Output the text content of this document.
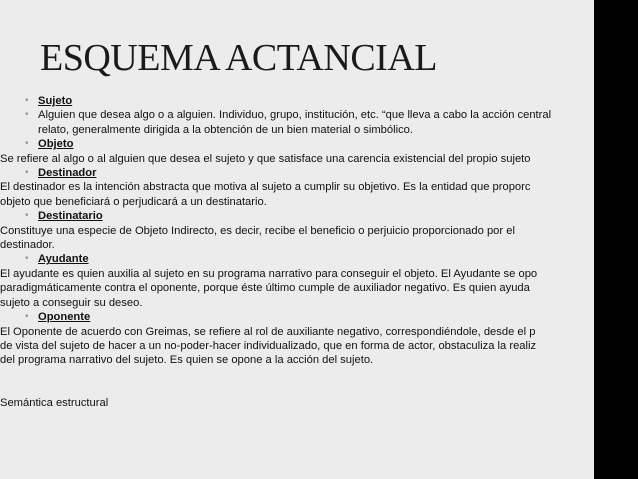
ESQUEMA ACTANCIAL
• Sujeto
• Alguien que desea algo o a alguien. Individuo, grupo, institución, etc. “que lleva a cabo la acción central
relato, generalmente dirigida a la obtención de un bien material o simbólico.
• Objeto

Se refiere al algo o al alguien que desea el sujeto y que satisface una carencia existencial del propio sujeto

• Destinador

El destinador es la intención abstracta que motiva al sujeto a cumplir su objetivo. Es la entidad que proporc

objeto que beneficiará o perjudicará a un destinatario.

• Destinatario

Constituye una especie de Objeto Indirecto, es decir, recibe el beneficio o perjuicio proporcionado por el

destinador.

• Ayudante

El ayudante es quien auxilia al sujeto en su programa narrativo para conseguir el objeto. El Ayudante se opo

paradigmáticamente contra el oponente, porque éste último cumple de auxiliador negativo. Es quien ayuda

sujeto a conseguir su deseo.

• Oponente

El Oponente de acuerdo con Greimas, se refiere al rol de auxiliante negativo, correspondiéndole, desde el p

de vista del sujeto de hacer a un no-poder-hacer individualizado, que en forma de actor, obstaculiza la realiz

del programa narrativo del sujeto. Es quien se opone a la acción del sujeto.

Semántica estructural
